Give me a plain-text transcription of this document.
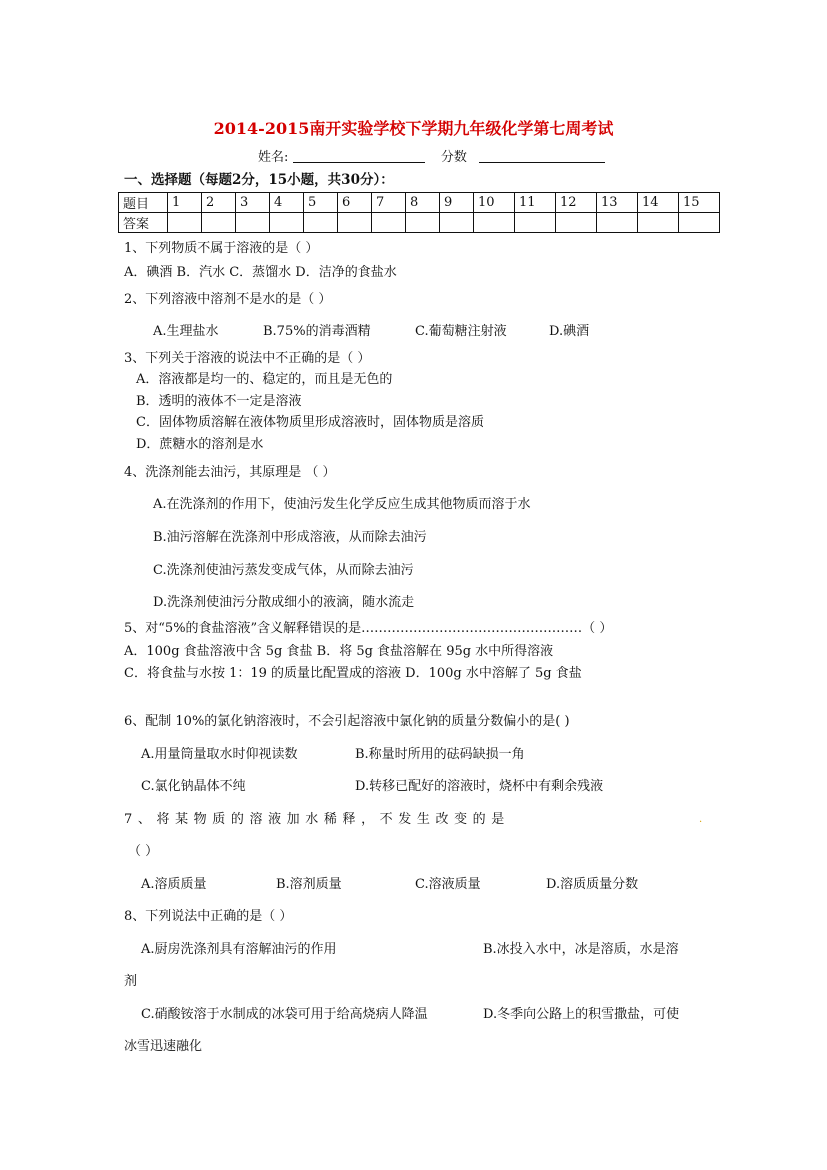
2014-2015南开实验学校下学期九年级化学第七周考试
姓名:	分数
一、选择题（每题2分，15小题，共30分）：
题目	1	2	3	4	5	6	7	8	9	10	11	12	13	14	15
答案															
1、下列物质不属于溶液的是（ ）
A．碘酒 B．汽水 C．蒸馏水 D．洁净的食盐水
2、下列溶液中溶剂不是水的是（ ）
A.生理盐水	B.75%的消毒酒精	C.葡萄糖注射液	D.碘酒
3、下列关于溶液的说法中不正确的是（ ）
A．溶液都是均一的、稳定的，而且是无色的
B．透明的液体不一定是溶液
C．固体物质溶解在液体物质里形成溶液时，固体物质是溶质
D．蔗糖水的溶剂是水
4、洗涤剂能去油污，其原理是 （ ）
A.在洗涤剂的作用下，使油污发生化学反应生成其他物质而溶于水
B.油污溶解在洗涤剂中形成溶液，从而除去油污
C.洗涤剂使油污蒸发变成气体，从而除去油污
D.洗涤剂使油污分散成细小的液滴，随水流走
5、对“5%的食盐溶液”含义解释错误的是……………………………………………（ ）
A．100g 食盐溶液中含 5g 食盐 B．将 5g 食盐溶解在 95g 水中所得溶液
C．将食盐与水按 1：19 的质量比配置成的溶液 D．100g 水中溶解了 5g 食盐
6、配制 10%的氯化钠溶液时，不会引起溶液中氯化钠的质量分数偏小的是( )
A.用量筒量取水时仰视读数	B.称量时所用的砝码缺损一角
C.氯化钠晶体不纯	D.转移已配好的溶液时，烧杯中有剩余残液
7、将某物质的溶液加水稀释，不发生改变的是	.
（ ）
A.溶质质量	B.溶剂质量	C.溶液质量	D.溶质质量分数
8、下列说法中正确的是（ ）
A.厨房洗涤剂具有溶解油污的作用	B.冰投入水中，冰是溶质，水是溶
剂
C.硝酸铵溶于水制成的冰袋可用于给高烧病人降温	D.冬季向公路上的积雪撒盐，可使
冰雪迅速融化
